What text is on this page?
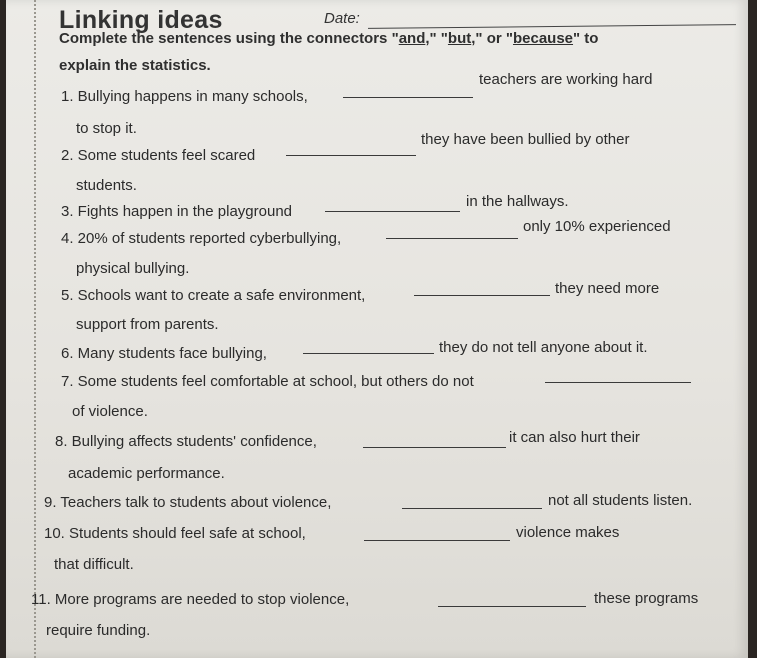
Linking ideas	Date:
Complete the sentences using the connectors "and," "but," or "because" to
explain the statistics.
1. Bullying happens in many schools,
teachers are working hard
to stop it.
2. Some students feel scared
they have been bullied by other
students.
3. Fights happen in the playground
in the hallways.
4. 20% of students reported cyberbullying,
only 10% experienced
physical bullying.
5. Schools want to create a safe environment,	they need more
support from parents.
6. Many students face bullying,	they do not tell anyone about it.
7. Some students feel comfortable at school, but others do not
of violence.
8. Bullying affects students' confidence,	it can also hurt their
academic performance.
9. Teachers talk to students about violence,	not all students listen.
10. Students should feel safe at school,	violence makes
that difficult.
11. More programs are needed to stop violence,	these programs
require funding.
